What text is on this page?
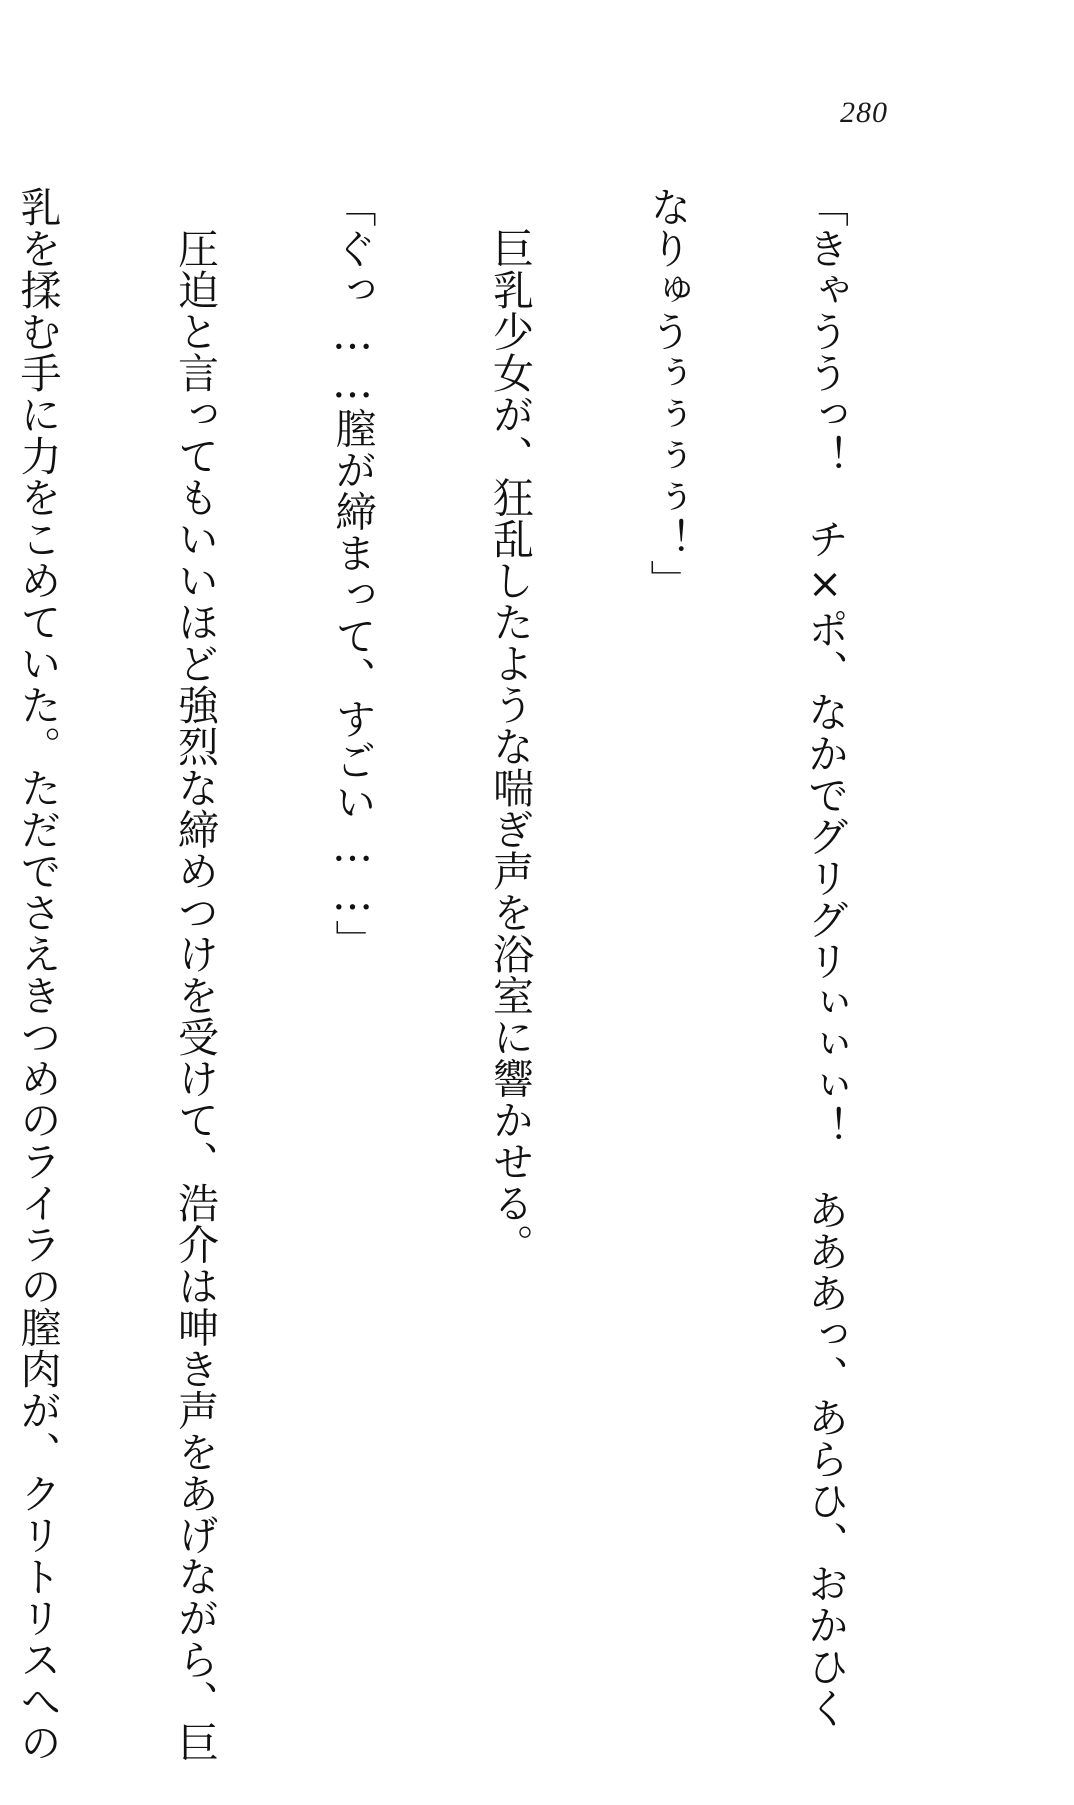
280

「きゃううっ！　チ×ポ、なかでグリグリぃぃぃ！　あああっ、あらひ、おかひく

なりゅうぅぅぅぅ！」

　巨乳少女が、狂乱したような喘ぎ声を浴室に響かせる。

「ぐっ……膣が締まって、すごい……」

　圧迫と言ってもいいほど強烈な締めつけを受けて、浩介は呻き声をあげながら、巨

乳を揉む手に力をこめていた。ただでさえきつめのライラの膣肉が、クリトリスへの
